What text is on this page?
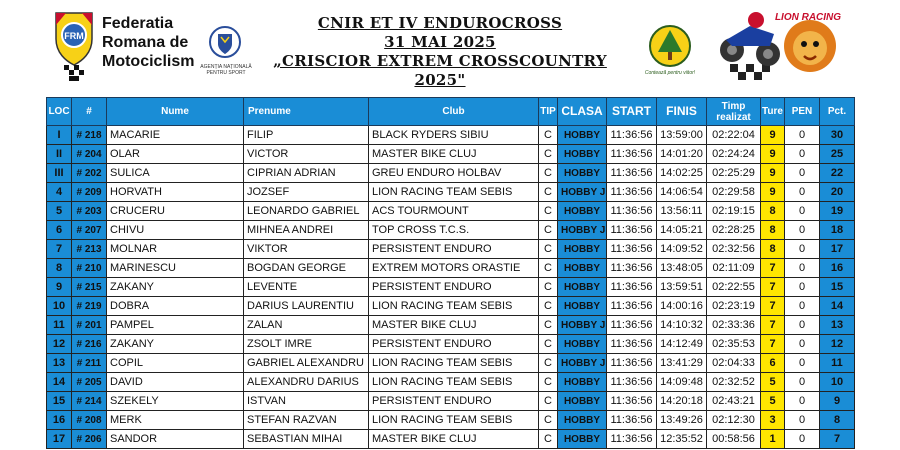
FRM
Federatia
Romana de
Motociclism	AGENȚIA NAȚIONALĂ PENTRU SPORT
CNIR ET IV ENDUROCROSS
31 MAI 2025
„CRISCIOR EXTREM CROSSCOUNTRY 2025"	Contează pentru viitor!
LION RACING
LOC	#	Nume	Prenume	Club	TIP	CLASA	START	FINIS	Timp realizat	Ture	PEN	Pct.
I	# 218	MACARIE	FILIP	BLACK RYDERS SIBIU	C	HOBBY	11:36:56	13:59:00	02:22:04	9	0	30
II	# 204	OLAR	VICTOR	MASTER BIKE CLUJ	C	HOBBY	11:36:56	14:01:20	02:24:24	9	0	25
III	# 202	SULICA	CIPRIAN ADRIAN	GREU ENDURO HOLBAV	C	HOBBY	11:36:56	14:02:25	02:25:29	9	0	22
4	# 209	HORVATH	JOZSEF	LION RACING TEAM SEBIS	C	HOBBY J	11:36:56	14:06:54	02:29:58	9	0	20
5	# 203	CRUCERU	LEONARDO GABRIEL	ACS TOURMOUNT	C	HOBBY	11:36:56	13:56:11	02:19:15	8	0	19
6	# 207	CHIVU	MIHNEA ANDREI	TOP CROSS T.C.S.	C	HOBBY J	11:36:56	14:05:21	02:28:25	8	0	18
7	# 213	MOLNAR	VIKTOR	PERSISTENT ENDURO	C	HOBBY	11:36:56	14:09:52	02:32:56	8	0	17
8	# 210	MARINESCU	BOGDAN GEORGE	EXTREM MOTORS ORASTIE	C	HOBBY	11:36:56	13:48:05	02:11:09	7	0	16
9	# 215	ZAKANY	LEVENTE	PERSISTENT ENDURO	C	HOBBY	11:36:56	13:59:51	02:22:55	7	0	15
10	# 219	DOBRA	DARIUS LAURENTIU	LION RACING TEAM SEBIS	C	HOBBY	11:36:56	14:00:16	02:23:19	7	0	14
11	# 201	PAMPEL	ZALAN	MASTER BIKE CLUJ	C	HOBBY J	11:36:56	14:10:32	02:33:36	7	0	13
12	# 216	ZAKANY	ZSOLT IMRE	PERSISTENT ENDURO	C	HOBBY	11:36:56	14:12:49	02:35:53	7	0	12
13	# 211	COPIL	GABRIEL ALEXANDRU	LION RACING TEAM SEBIS	C	HOBBY J	11:36:56	13:41:29	02:04:33	6	0	11
14	# 205	DAVID	ALEXANDRU DARIUS	LION RACING TEAM SEBIS	C	HOBBY	11:36:56	14:09:48	02:32:52	5	0	10
15	# 214	SZEKELY	ISTVAN	PERSISTENT ENDURO	C	HOBBY	11:36:56	14:20:18	02:43:21	5	0	9
16	# 208	MERK	STEFAN RAZVAN	LION RACING TEAM SEBIS	C	HOBBY	11:36:56	13:49:26	02:12:30	3	0	8
17	# 206	SANDOR	SEBASTIAN MIHAI	MASTER BIKE CLUJ	C	HOBBY	11:36:56	12:35:52	00:58:56	1	0	7
